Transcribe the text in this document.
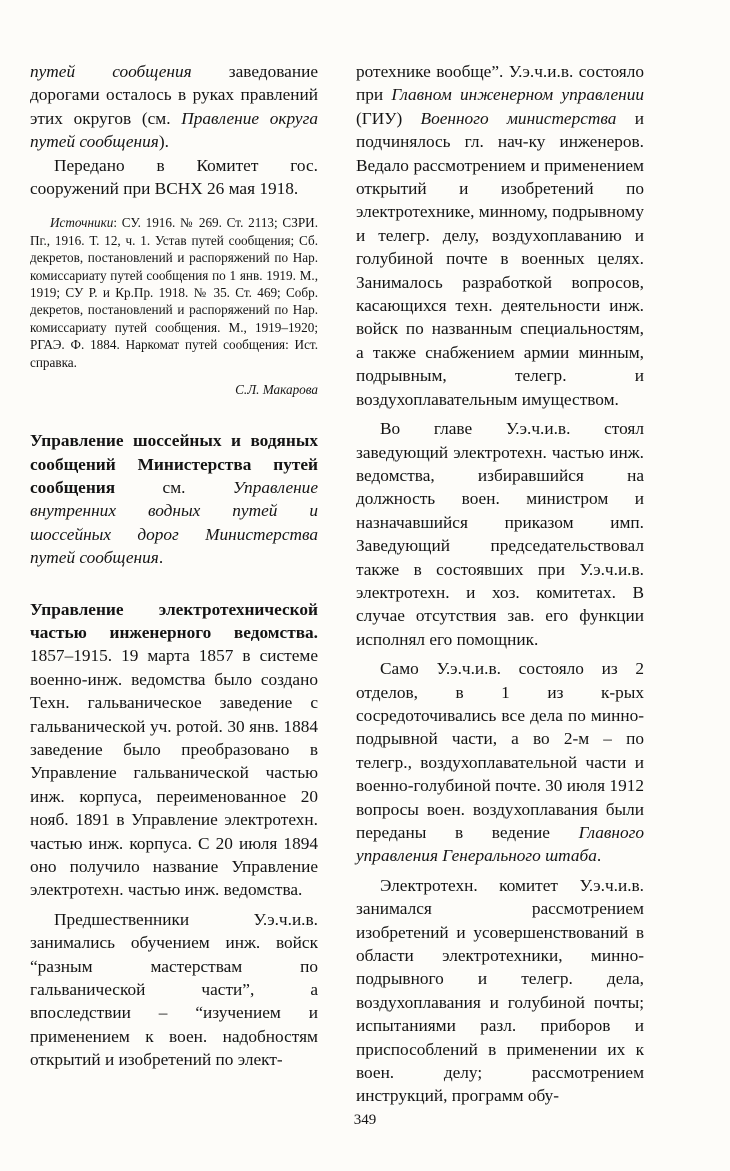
путей сообщения заведование дорогами осталось в руках правлений этих округов (см. Правление округа путей сообщения).

Передано в Комитет гос. сооружений при ВСНХ 26 мая 1918.

Источники: СУ. 1916. № 269. Ст. 2113; СЗРИ. Пг., 1916. Т. 12, ч. 1. Устав путей сообщения; Сб. декретов, постановлений и распоряжений по Нар. комиссариату путей сообщения по 1 янв. 1919. М., 1919; СУ Р. и Кр.Пр. 1918. № 35. Ст. 469; Собр. декретов, постановлений и распоряжений по Нар. комиссариату путей сообщения. М., 1919–1920; РГАЭ. Ф. 1884. Наркомат путей сообщения: Ист. справка.

С.Л. Макарова

Управление шоссейных и водяных сообщений Министерства путей сообщения см. Управление внутренних водных путей и шоссейных дорог Министерства путей сообщения.

Управление электротехнической частью инженерного ведомства. 1857–1915. 19 марта 1857 в системе военно-инж. ведомства было создано Техн. гальваническое заведение с гальванической уч. ротой. 30 янв. 1884 заведение было преобразовано в Управление гальванической частью инж. корпуса, переименованное 20 нояб. 1891 в Управление электротехн. частью инж. корпуса. С 20 июля 1894 оно получило название Управление электротехн. частью инж. ведомства.

Предшественники У.э.ч.и.в. занимались обучением инж. войск “разным мастерствам по гальванической части”, а впоследствии – “изучением и применением к воен. надобностям открытий и изобретений по элект-

ротехнике вообще”. У.э.ч.и.в. состояло при Главном инженерном управлении (ГИУ) Военного министерства и подчинялось гл. нач-ку инженеров. Ведало рассмотрением и применением открытий и изобретений по электротехнике, минному, подрывному и телегр. делу, воздухоплаванию и голубиной почте в военных целях. Занималось разработкой вопросов, касающихся техн. деятельности инж. войск по названным специальностям, а также снабжением армии минным, подрывным, телегр. и воздухоплавательным имуществом.

Во главе У.э.ч.и.в. стоял заведующий электротехн. частью инж. ведомства, избиравшийся на должность воен. министром и назначавшийся приказом имп. Заведующий председательствовал также в состоявших при У.э.ч.и.в. электротехн. и хоз. комитетах. В случае отсутствия зав. его функции исполнял его помощник.

Само У.э.ч.и.в. состояло из 2 отделов, в 1 из к-рых сосредоточивались все дела по минно-подрывной части, а во 2-м – по телегр., воздухоплавательной части и военно-голубиной почте. 30 июля 1912 вопросы воен. воздухоплавания были переданы в ведение Главного управления Генерального штаба.

Электротехн. комитет У.э.ч.и.в. занимался рассмотрением изобретений и усовершенствований в области электротехники, минно-подрывного и телегр. дела, воздухоплавания и голубиной почты; испытаниями разл. приборов и приспособлений в применении их к воен. делу; рассмотрением инструкций, программ обу-

349
